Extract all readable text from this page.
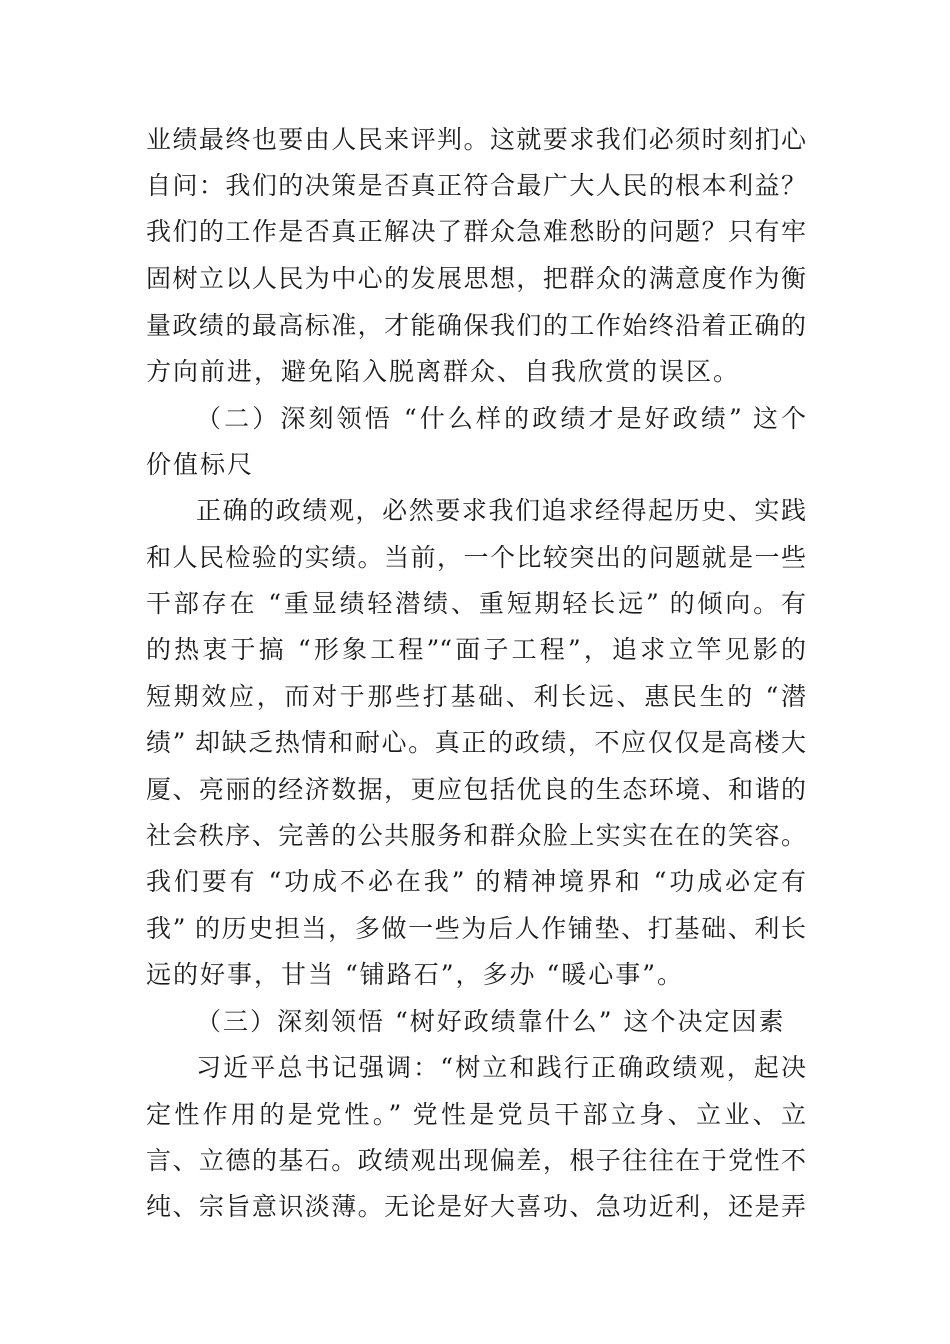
业绩最终也要由人民来评判。这就要求我们必须时刻扪心
自问：我们的决策是否真正符合最广大人民的根本利益？
我们的工作是否真正解决了群众急难愁盼的问题？只有牢
固树立以人民为中心的发展思想，把群众的满意度作为衡
量政绩的最高标准，才能确保我们的工作始终沿着正确的
方向前进，避免陷入脱离群众、自我欣赏的误区。
（二）深刻领悟 “什么样的政绩才是好政绩” 这个
价值标尺
正确的政绩观，必然要求我们追求经得起历史、实践
和人民检验的实绩。当前，一个比较突出的问题就是一些
干部存在 “重显绩轻潜绩、重短期轻长远” 的倾向。有
的热衷于搞 “形象工程”“面子工程”，追求立竿见影的
短期效应，而对于那些打基础、利长远、惠民生的 “潜
绩” 却缺乏热情和耐心。真正的政绩，不应仅仅是高楼大
厦、亮丽的经济数据，更应包括优良的生态环境、和谐的
社会秩序、完善的公共服务和群众脸上实实在在的笑容。
我们要有 “功成不必在我” 的精神境界和 “功成必定有
我” 的历史担当，多做一些为后人作铺垫、打基础、利长
远的好事，甘当 “铺路石”，多办 “暖心事”。
（三）深刻领悟 “树好政绩靠什么” 这个决定因素
习近平总书记强调：“树立和践行正确政绩观，起决
定性作用的是党性。” 党性是党员干部立身、立业、立
言、立德的基石。政绩观出现偏差，根子往往在于党性不
纯、宗旨意识淡薄。无论是好大喜功、急功近利，还是弄
